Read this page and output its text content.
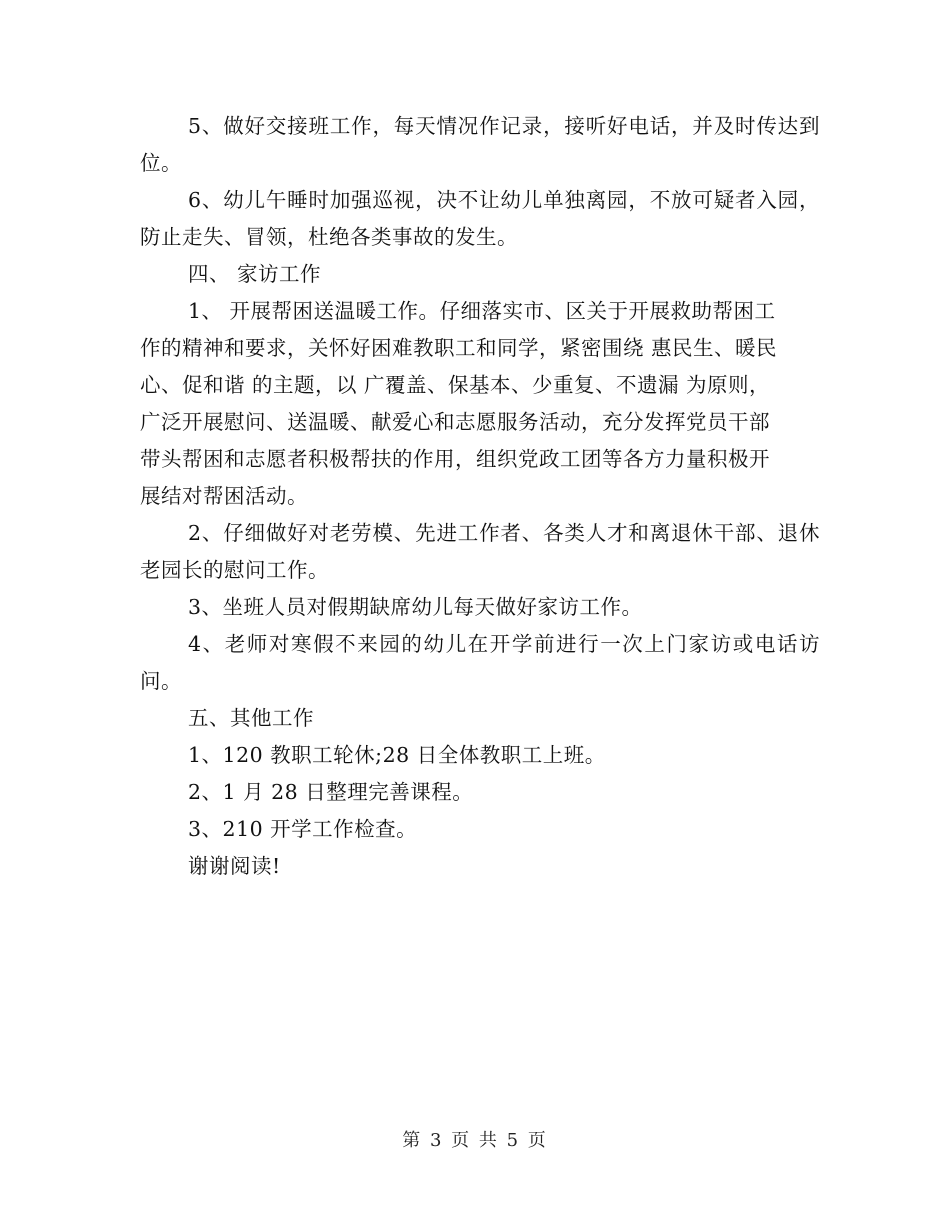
5、做好交接班工作，每天情况作记录，接听好电话，并及时传达到位。

6、幼儿午睡时加强巡视，决不让幼儿单独离园，不放可疑者入园，防止走失、冒领，杜绝各类事故的发生。

四、 家访工作

1、 开展帮困送温暖工作。仔细落实市、区关于开展救助帮困工
作的精神和要求，关怀好困难教职工和同学，紧密围绕 惠民生、暖民
心、促和谐 的主题，以 广覆盖、保基本、少重复、不遗漏 为原则，
广泛开展慰问、送温暖、献爱心和志愿服务活动，充分发挥党员干部
带头帮困和志愿者积极帮扶的作用，组织党政工团等各方力量积极开
展结对帮困活动。

2、仔细做好对老劳模、先进工作者、各类人才和离退休干部、退休老园长的慰问工作。

3、坐班人员对假期缺席幼儿每天做好家访工作。

4、老师对寒假不来园的幼儿在开学前进行一次上门家访或电话访问。

五、其他工作

1、120 教职工轮休;28 日全体教职工上班。

2、1 月 28 日整理完善课程。

3、210 开学工作检查。

谢谢阅读!

第 3 页 共 5 页
